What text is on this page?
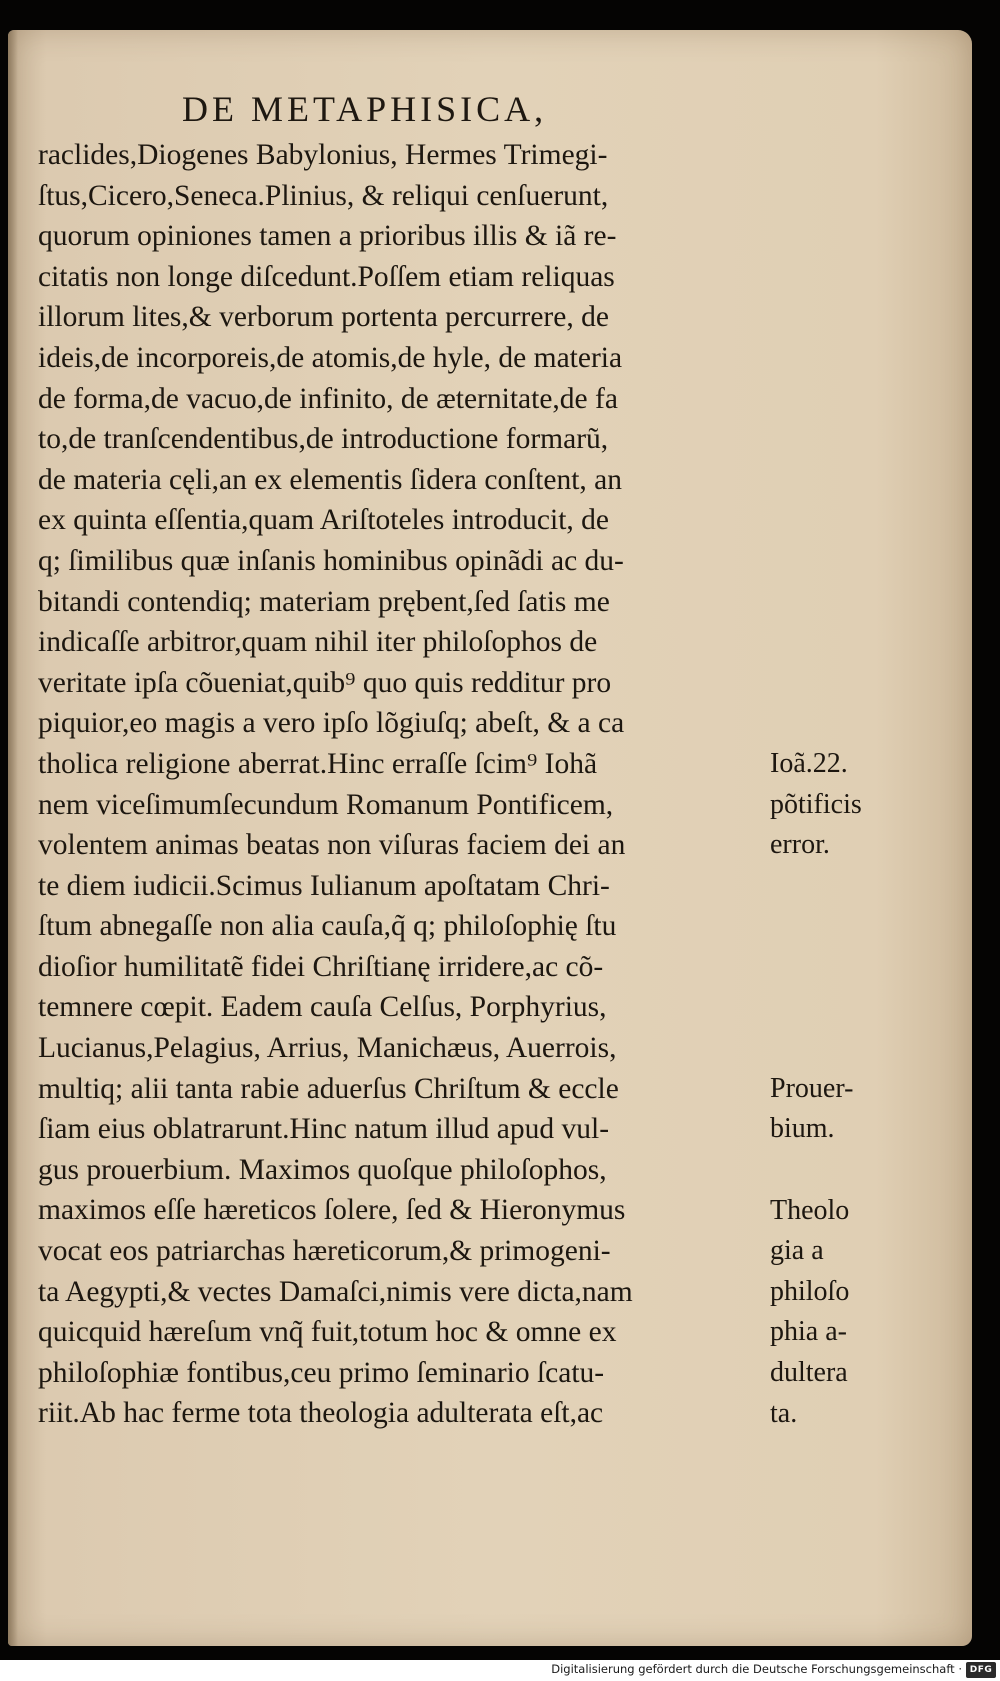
DE METAPHISICA,
raclides,Diogenes Babylonius, Hermes Trimegi-
ſtus,Cicero,Seneca.Plinius, & reliqui cenſuerunt,
quorum opiniones tamen a prioribus illis & iã re-
citatis non longe diſcedunt.Poſſem etiam reliquas
illorum lites,& verborum portenta percurrere, de
ideis,de incorporeis,de atomis,de hyle, de materia
de forma,de vacuo,de infinito, de æternitate,de fa
to,de tranſcendentibus,de introductione formarũ,
de materia cęli,an ex elementis ſidera conſtent, an
ex quinta eſſentia,quam Ariſtoteles introducit, de
q; ſimilibus quæ inſanis hominibus opinãdi ac du-
bitandi contendiq; materiam prębent,ſed ſatis me
indicaſſe arbitror,quam nihil iter philoſophos de
veritate ipſa cõueniat,quib⁹ quo quis redditur pro
piquior,eo magis a vero ipſo lõgiuſq; abeſt, & a ca
tholica religione aberrat.Hinc erraſſe ſcim⁹ Iohã
nem viceſimumſecundum Romanum Pontificem,
volentem animas beatas non viſuras faciem dei an
te diem iudicii.Scimus Iulianum apoſtatam Chri-
ſtum abnegaſſe non alia cauſa,q̃ q; philoſophię ſtu
dioſior humilitatẽ fidei Chriſtianę irridere,ac cõ-
temnere cœpit. Eadem cauſa Celſus, Porphyrius,
Lucianus,Pelagius, Arrius, Manichæus, Auerrois,
multiq; alii tanta rabie aduerſus Chriſtum & eccle
ſiam eius oblatrarunt.Hinc natum illud apud vul-
gus prouerbium. Maximos quoſque philoſophos,
maximos eſſe hæreticos ſolere, ſed & Hieronymus
vocat eos patriarchas hæreticorum,& primogeni-
ta Aegypti,& vectes Damaſci,nimis vere dicta,nam
quicquid hæreſum vnq̃ fuit,totum hoc & omne ex
philoſophiæ fontibus,ceu primo ſeminario ſcatu-
riit.Ab hac ferme tota theologia adulterata eſt,ac
Ioã.22.
põtificis
error.
Prouer-
bium.
Theolo
gia a
philoſo
phia a-
dultera
ta.
Digitalisierung gefördert durch die Deutsche Forschungsgemeinschaft · DFG
